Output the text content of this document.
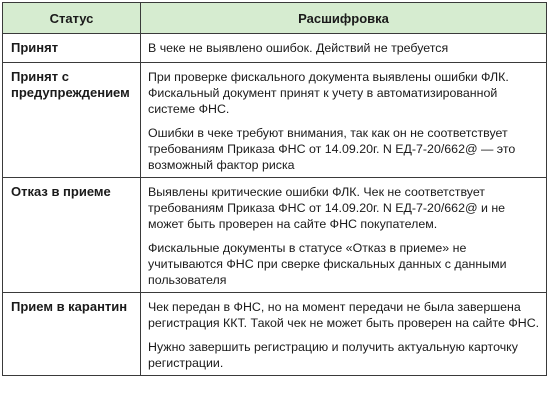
Статус	Расшифровка
Принят	В чеке не выявлено ошибок. Действий не требуется

Принят с предупреждением	При проверке фискального документа выявлены ошибки ФЛК. Фискальный документ принят к учету в автоматизированной системе ФНС.

Ошибки в чеке требуют внимания, так как он не соответствует требованиям Приказа ФНС от 14.09.20г. N ЕД-7-20/662@ — это возможный фактор риска

Отказ в приеме	Выявлены критические ошибки ФЛК. Чек не соответствует требованиям Приказа ФНС от 14.09.20г. N ЕД-7-20/662@ и не может быть проверен на сайте ФНС покупателем.

Фискальные документы в статусе «Отказ в приеме» не учитываются ФНС при сверке фискальных данных с данными пользователя

Прием в карантин	Чек передан в ФНС, но на момент передачи не была завершена регистрация ККТ. Такой чек не может быть проверен на сайте ФНС.

Нужно завершить регистрацию и получить актуальную карточку регистрации.
